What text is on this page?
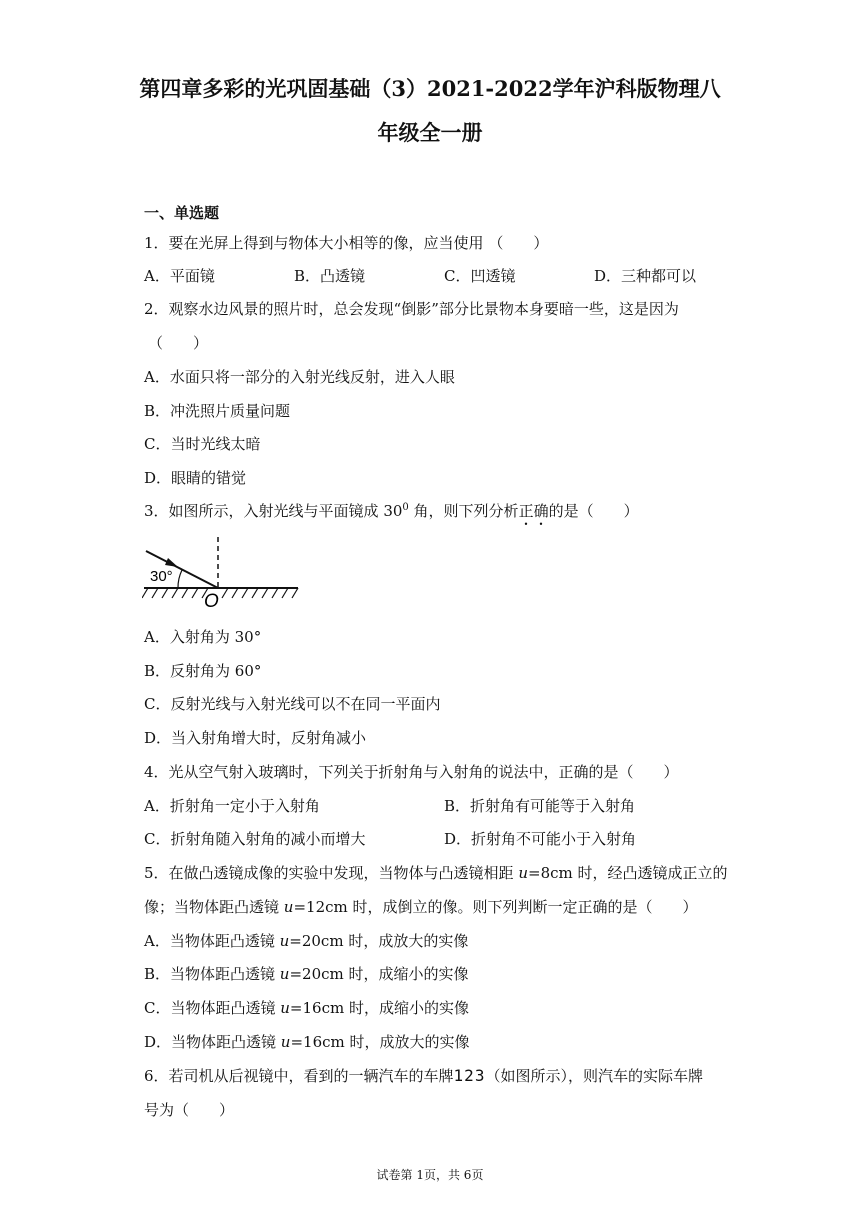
第四章多彩的光巩固基础（3）2021-2022学年沪科版物理八
年级全一册
一、单选题
1．要在光屏上得到与物体大小相等的像，应当使用 （　　）
A．平面镜	B．凸透镜	C．凹透镜	D．三种都可以
2．观察水边风景的照片时，总会发现“倒影”部分比景物本身要暗一些，这是因为
（　　）
A．水面只将一部分的入射光线反射，进入人眼
B．冲洗照片质量问题
C．当时光线太暗
D．眼睛的错觉
3．如图所示，入射光线与平面镜成 $30^0$ 角，则下列分析正确的是（　　）
30°
O
A．入射角为 30°
B．反射角为 60°
C．反射光线与入射光线可以不在同一平面内
D．当入射角增大时，反射角减小
4．光从空气射入玻璃时，下列关于折射角与入射角的说法中，正确的是（　　）
A．折射角一定小于入射角	B．折射角有可能等于入射角
C．折射角随入射角的减小而增大	D．折射角不可能小于入射角
5．在做凸透镜成像的实验中发现，当物体与凸透镜相距 u=8cm 时，经凸透镜成正立的
像；当物体距凸透镜 u=12cm 时，成倒立的像。则下列判断一定正确的是（　　）
A．当物体距凸透镜 u=20cm 时，成放大的实像
B．当物体距凸透镜 u=20cm 时，成缩小的实像
C．当物体距凸透镜 u=16cm 时，成缩小的实像
D．当物体距凸透镜 u=16cm 时，成放大的实像
6．若司机从后视镜中，看到的一辆汽车的车牌123（如图所示），则汽车的实际车牌
号为（　　）
试卷第 1页，共 6页
